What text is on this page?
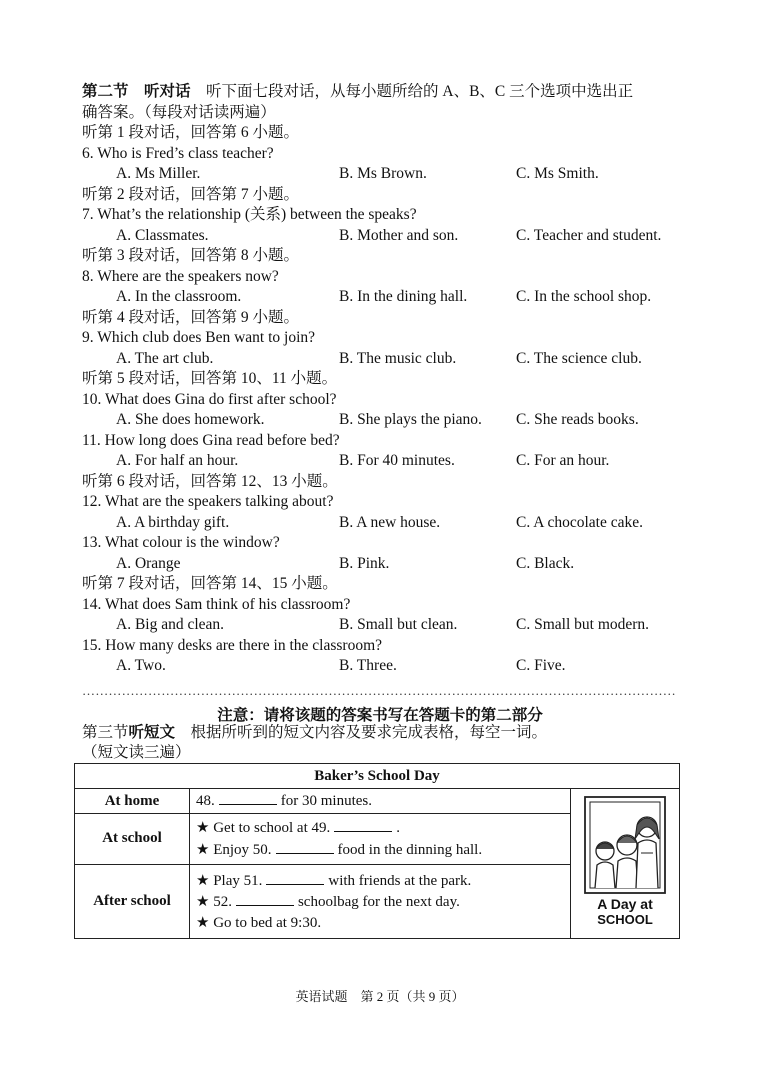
第二节　听对话　听下面七段对话，从每小题所给的 A、B、C 三个选项中选出正
确答案。（每段对话读两遍）
听第 1 段对话，回答第 6 小题。
6. Who is Fred’s class teacher?
A. Ms Miller.	B. Ms Brown.	C. Ms Smith.
听第 2 段对话，回答第 7 小题。
7. What’s the relationship (关系) between the speaks?
A. Classmates.	B. Mother and son.	C. Teacher and student.
听第 3 段对话，回答第 8 小题。
8. Where are the speakers now?
A. In the classroom.	B. In the dining hall.	C. In the school shop.
听第 4 段对话，回答第 9 小题。
9. Which club does Ben want to join?
A. The art club.	B. The music club.	C. The science club.
听第 5 段对话，回答第 10、11 小题。
10. What does Gina do first after school?
A. She does homework.	B. She plays the piano. C. She reads books.
11. How long does Gina read before bed?
A. For half an hour.	B. For 40 minutes.	C. For an hour.
听第 6 段对话，回答第 12、13 小题。
12. What are the speakers talking about?
A. A birthday gift.	B. A new house.	C. A chocolate cake.
13. What colour is the window?
A. Orange	B. Pink.	C. Black.
听第 7 段对话，回答第 14、15 小题。
14. What does Sam think of his classroom?
A. Big and clean.	B. Small but clean.	C. Small but modern.
15. How many desks are there in the classroom?
A. Two.	B. Three.	C. Five.
………………………………………………………………………………………………………………………
注意：请将该题的答案书写在答题卡的第二部分
第三节听短文　根据所听到的短文内容及要求完成表格，每空一词。
（短文读三遍）
Baker’s School Day		
At home	48. for 30 minutes.	A Day at
SCHOOL

At school	★ Get to school at 49. .
★ Enjoy 50. food in the dinning hall.	

After school	★ Play 51. with friends at the park.
★ 52. schoolbag for the next day.
★ Go to bed at 9:30.	
英语试题　第 2 页（共 9 页）
